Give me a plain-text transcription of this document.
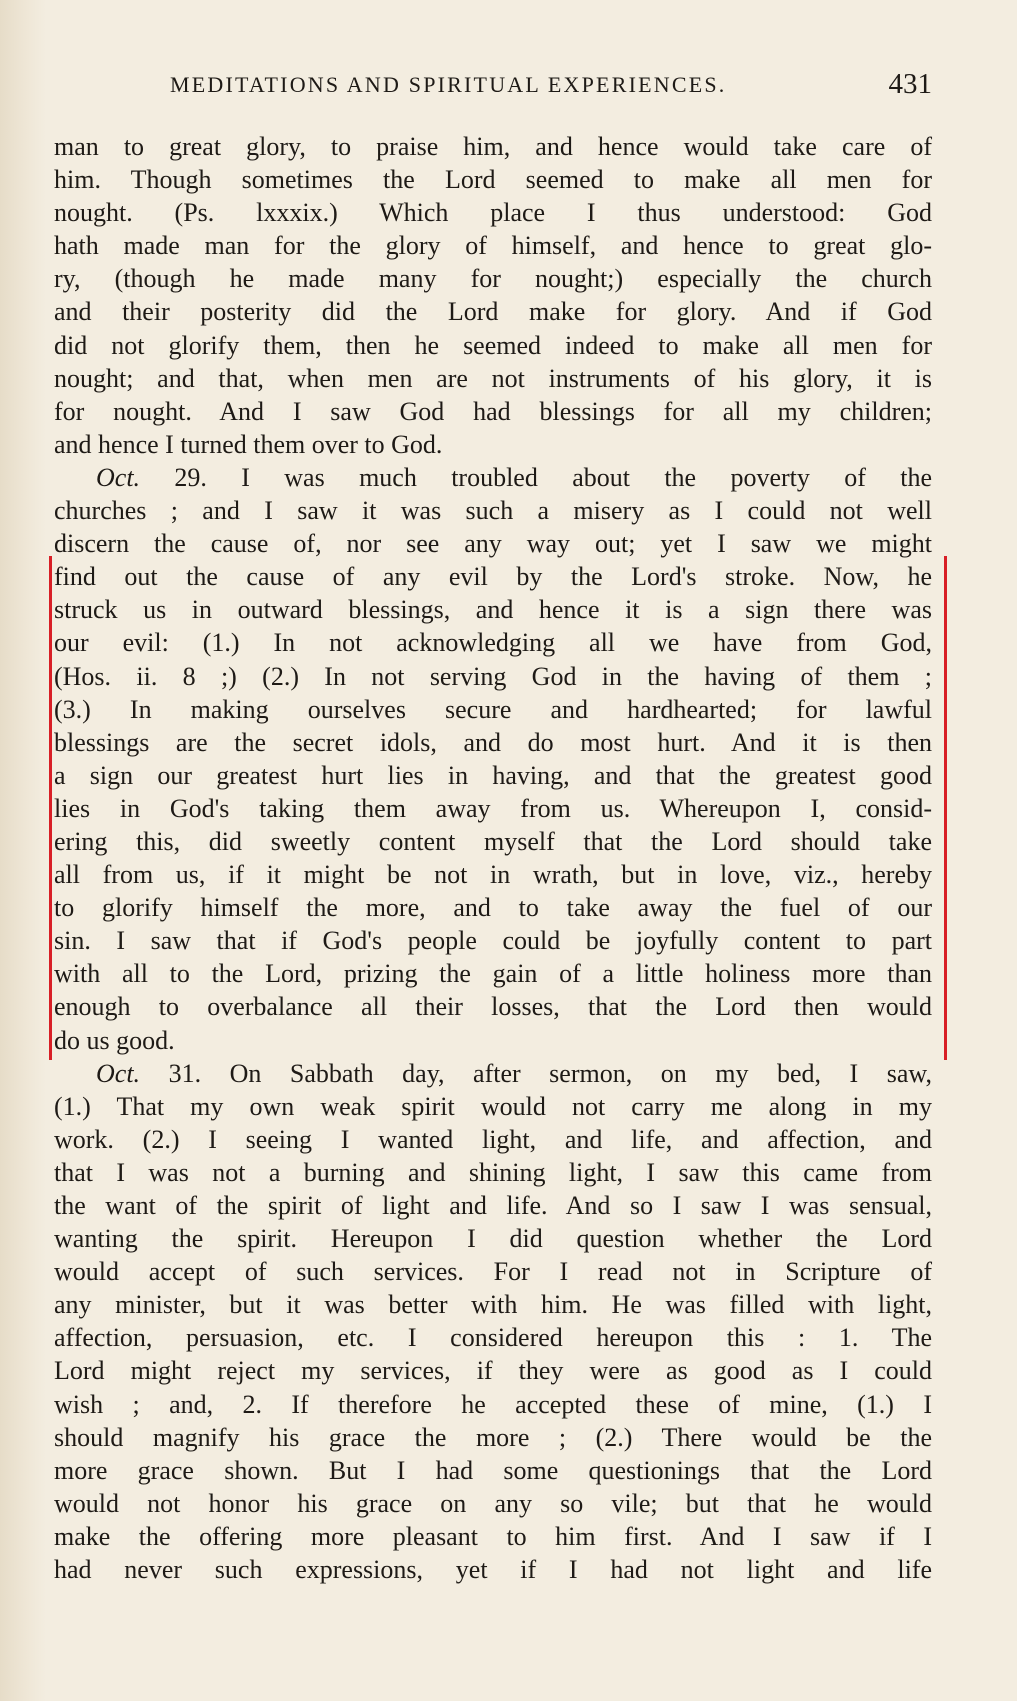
MEDITATIONS AND SPIRITUAL EXPERIENCES.	431
man to great glory, to praise him, and hence would take care of
him. Though sometimes the Lord seemed to make all men for
nought. (Ps. lxxxix.) Which place I thus understood: God
hath made man for the glory of himself, and hence to great glo-
ry, (though he made many for nought;) especially the church
and their posterity did the Lord make for glory. And if God
did not glorify them, then he seemed indeed to make all men for
nought; and that, when men are not instruments of his glory, it is
for nought. And I saw God had blessings for all my children;
and hence I turned them over to God.
Oct. 29. I was much troubled about the poverty of the
churches ; and I saw it was such a misery as I could not well
discern the cause of, nor see any way out; yet I saw we might
find out the cause of any evil by the Lord's stroke. Now, he
struck us in outward blessings, and hence it is a sign there was
our evil: (1.) In not acknowledging all we have from God,
(Hos. ii. 8 ;) (2.) In not serving God in the having of them ;
(3.) In making ourselves secure and hardhearted; for lawful
blessings are the secret idols, and do most hurt. And it is then
a sign our greatest hurt lies in having, and that the greatest good
lies in God's taking them away from us. Whereupon I, consid-
ering this, did sweetly content myself that the Lord should take
all from us, if it might be not in wrath, but in love, viz., hereby
to glorify himself the more, and to take away the fuel of our
sin. I saw that if God's people could be joyfully content to part
with all to the Lord, prizing the gain of a little holiness more than
enough to overbalance all their losses, that the Lord then would
do us good.
Oct. 31. On Sabbath day, after sermon, on my bed, I saw,
(1.) That my own weak spirit would not carry me along in my
work. (2.) I seeing I wanted light, and life, and affection, and
that I was not a burning and shining light, I saw this came from
the want of the spirit of light and life. And so I saw I was sensual,
wanting the spirit. Hereupon I did question whether the Lord
would accept of such services. For I read not in Scripture of
any minister, but it was better with him. He was filled with light,
affection, persuasion, etc. I considered hereupon this : 1. The
Lord might reject my services, if they were as good as I could
wish ; and, 2. If therefore he accepted these of mine, (1.) I
should magnify his grace the more ; (2.) There would be the
more grace shown. But I had some questionings that the Lord
would not honor his grace on any so vile; but that he would
make the offering more pleasant to him first. And I saw if I
had never such expressions, yet if I had not light and life
